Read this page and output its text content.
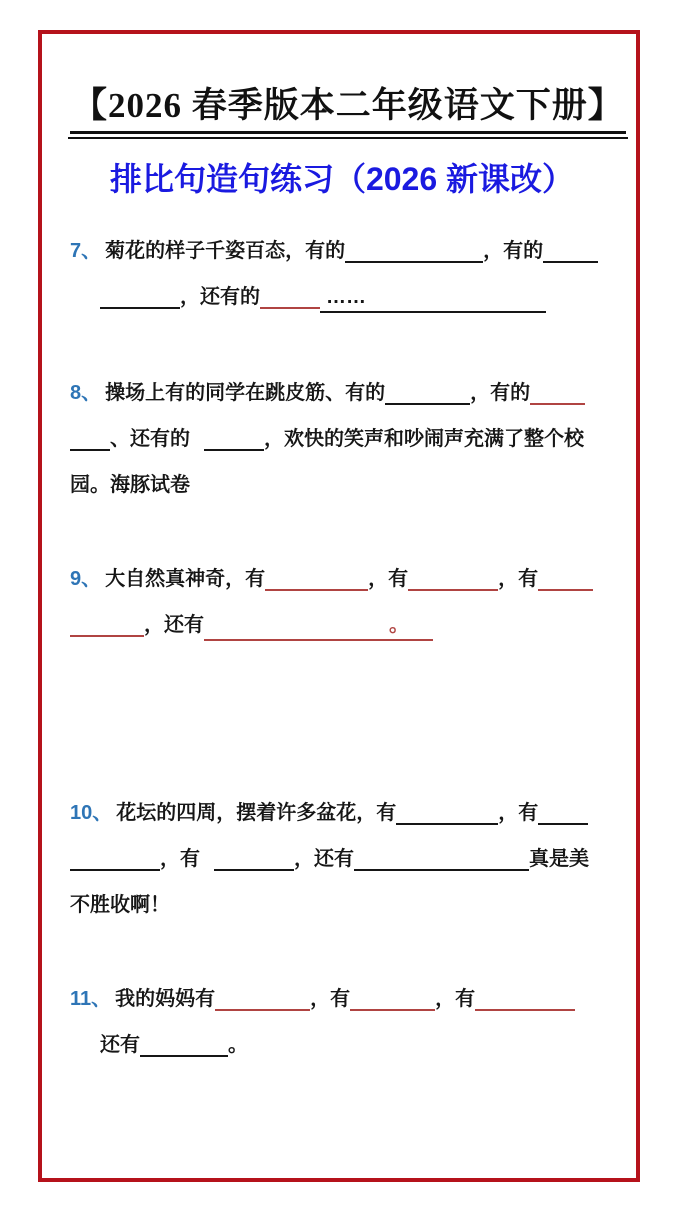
【2026 春季版本二年级语文下册】
排比句造句练习（2026 新课改）
7、 菊花的样子千姿百态，有的	，有的
，还有的	……
8、 操场上有的同学在跳皮筋、有的	，有的
、还有的	，欢快的笑声和吵闹声充满了整个校
园。海豚试卷
9、 大自然真神奇，有	，有	，有
，还有	。
10、 花坛的四周，摆着许多盆花，有	，有
，有	，还有	真是美
不胜收啊！
11、 我的妈妈有	，有	，有
还有	。
